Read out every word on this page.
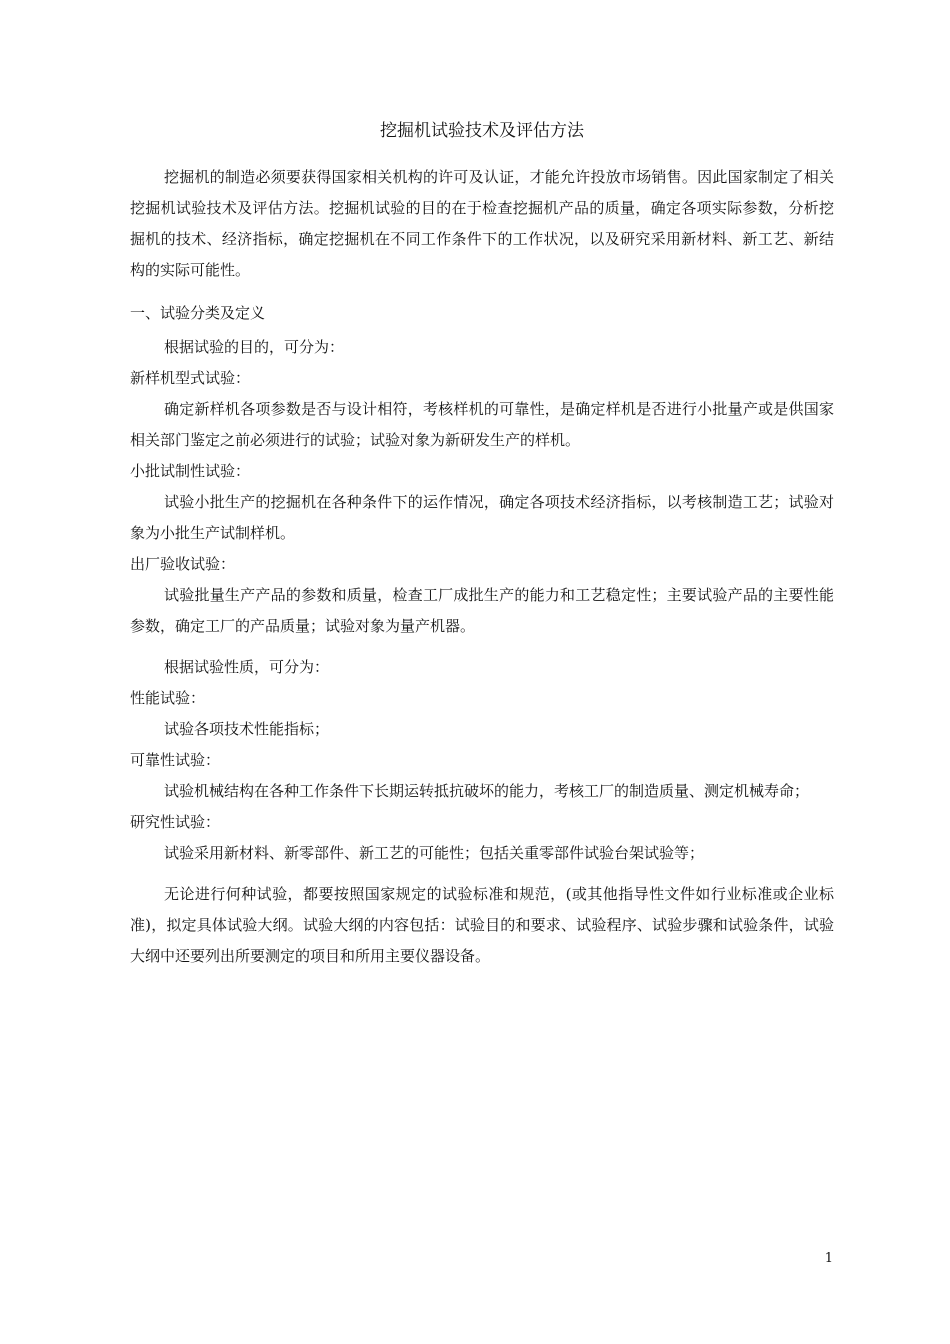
挖掘机试验技术及评估方法

挖掘机的制造必须要获得国家相关机构的许可及认证，才能允许投放市场销售。因此国家制定了相关挖掘机试验技术及评估方法。挖掘机试验的目的在于检查挖掘机产品的质量，确定各项实际参数，分析挖掘机的技术、经济指标，确定挖掘机在不同工作条件下的工作状况，以及研究采用新材料、新工艺、新结构的实际可能性。

一、试验分类及定义

根据试验的目的，可分为：

新样机型式试验：

确定新样机各项参数是否与设计相符，考核样机的可靠性，是确定样机是否进行小批量产或是供国家相关部门鉴定之前必须进行的试验；试验对象为新研发生产的样机。

小批试制性试验：

试验小批生产的挖掘机在各种条件下的运作情况，确定各项技术经济指标，以考核制造工艺；试验对象为小批生产试制样机。

出厂验收试验：

试验批量生产产品的参数和质量，检查工厂成批生产的能力和工艺稳定性；主要试验产品的主要性能参数，确定工厂的产品质量；试验对象为量产机器。

根据试验性质，可分为：

性能试验：

试验各项技术性能指标；

可靠性试验：

试验机械结构在各种工作条件下长期运转抵抗破坏的能力，考核工厂的制造质量、测定机械寿命；

研究性试验：

试验采用新材料、新零部件、新工艺的可能性；包括关重零部件试验台架试验等；

无论进行何种试验，都要按照国家规定的试验标准和规范，(或其他指导性文件如行业标准或企业标准)，拟定具体试验大纲。试验大纲的内容包括：试验目的和要求、试验程序、试验步骤和试验条件，试验大纲中还要列出所要测定的项目和所用主要仪器设备。

1
